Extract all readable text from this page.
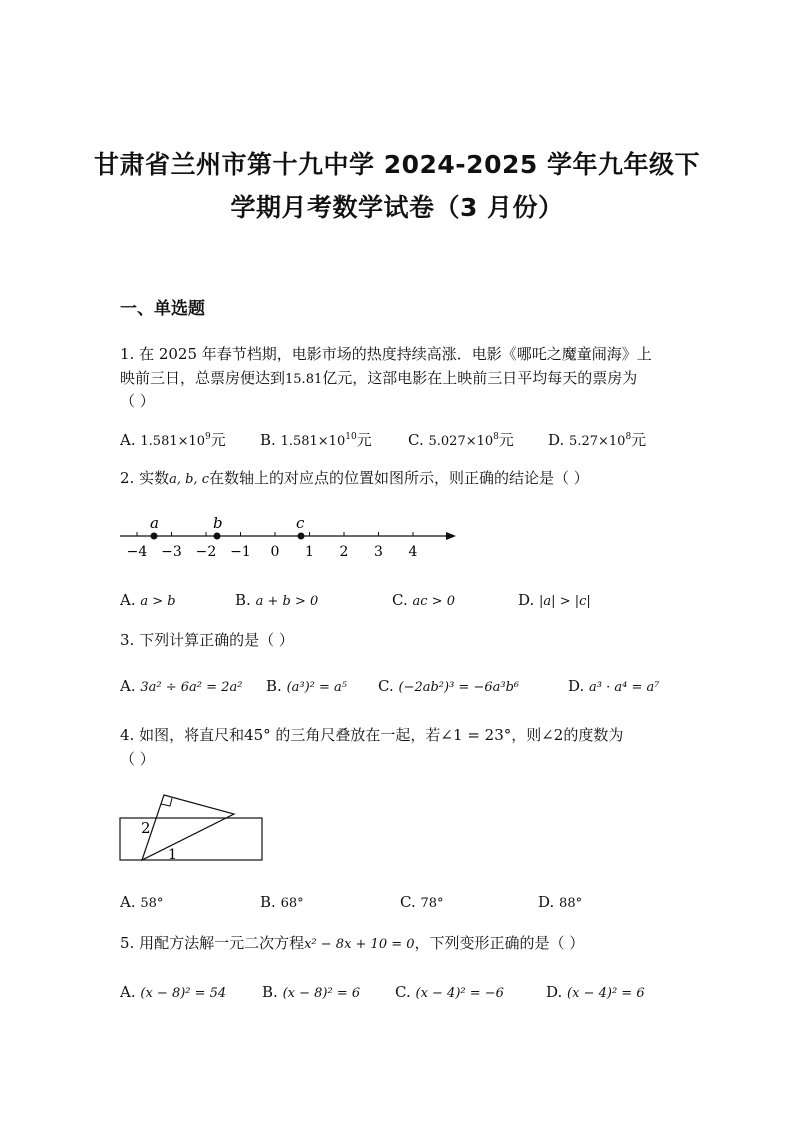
甘肃省兰州市第十九中学 2024-2025 学年九年级下
学期月考数学试卷（3 月份）
一、单选题
1. 在 2025 年春节档期，电影市场的热度持续高涨．电影《哪吒之魔童闹海》上
映前三日，总票房便达到15.81亿元，这部电影在上映前三日平均每天的票房为
（ ）
A. $1.581\times 10^9$元 B. $1.581\times 10^{10}$元 C. $5.027\times 10^8$元 D. $5.27\times 10^8$元
2. 实数a, b, c在数轴上的对应点的位置如图所示，则正确的结论是（ ）
−4 −3 −2 −1 0 1 2 3 4
a	b	c
A. a > b	B. a + b > 0	C. ac > 0	D. |a| > |c|
3. 下列计算正确的是（ ）
A. 3a² ÷ 6a² = 2a² B. (a³)² = a⁵ C. (−2ab²)³ = −6a³b⁶	D. a³ · a⁴ = a⁷
4. 如图，将直尺和45° 的三角尺叠放在一起，若∠1 = 23°，则∠2的度数为
（ ）
2
1
A. 58°	B. 68°	C. 78°	D. 88°
5. 用配方法解一元二次方程x² − 8x + 10 = 0，下列变形正确的是（ ）
A. (x − 8)² = 54 B. (x − 8)² = 6 C. (x − 4)² = −6	D. (x − 4)² = 6
